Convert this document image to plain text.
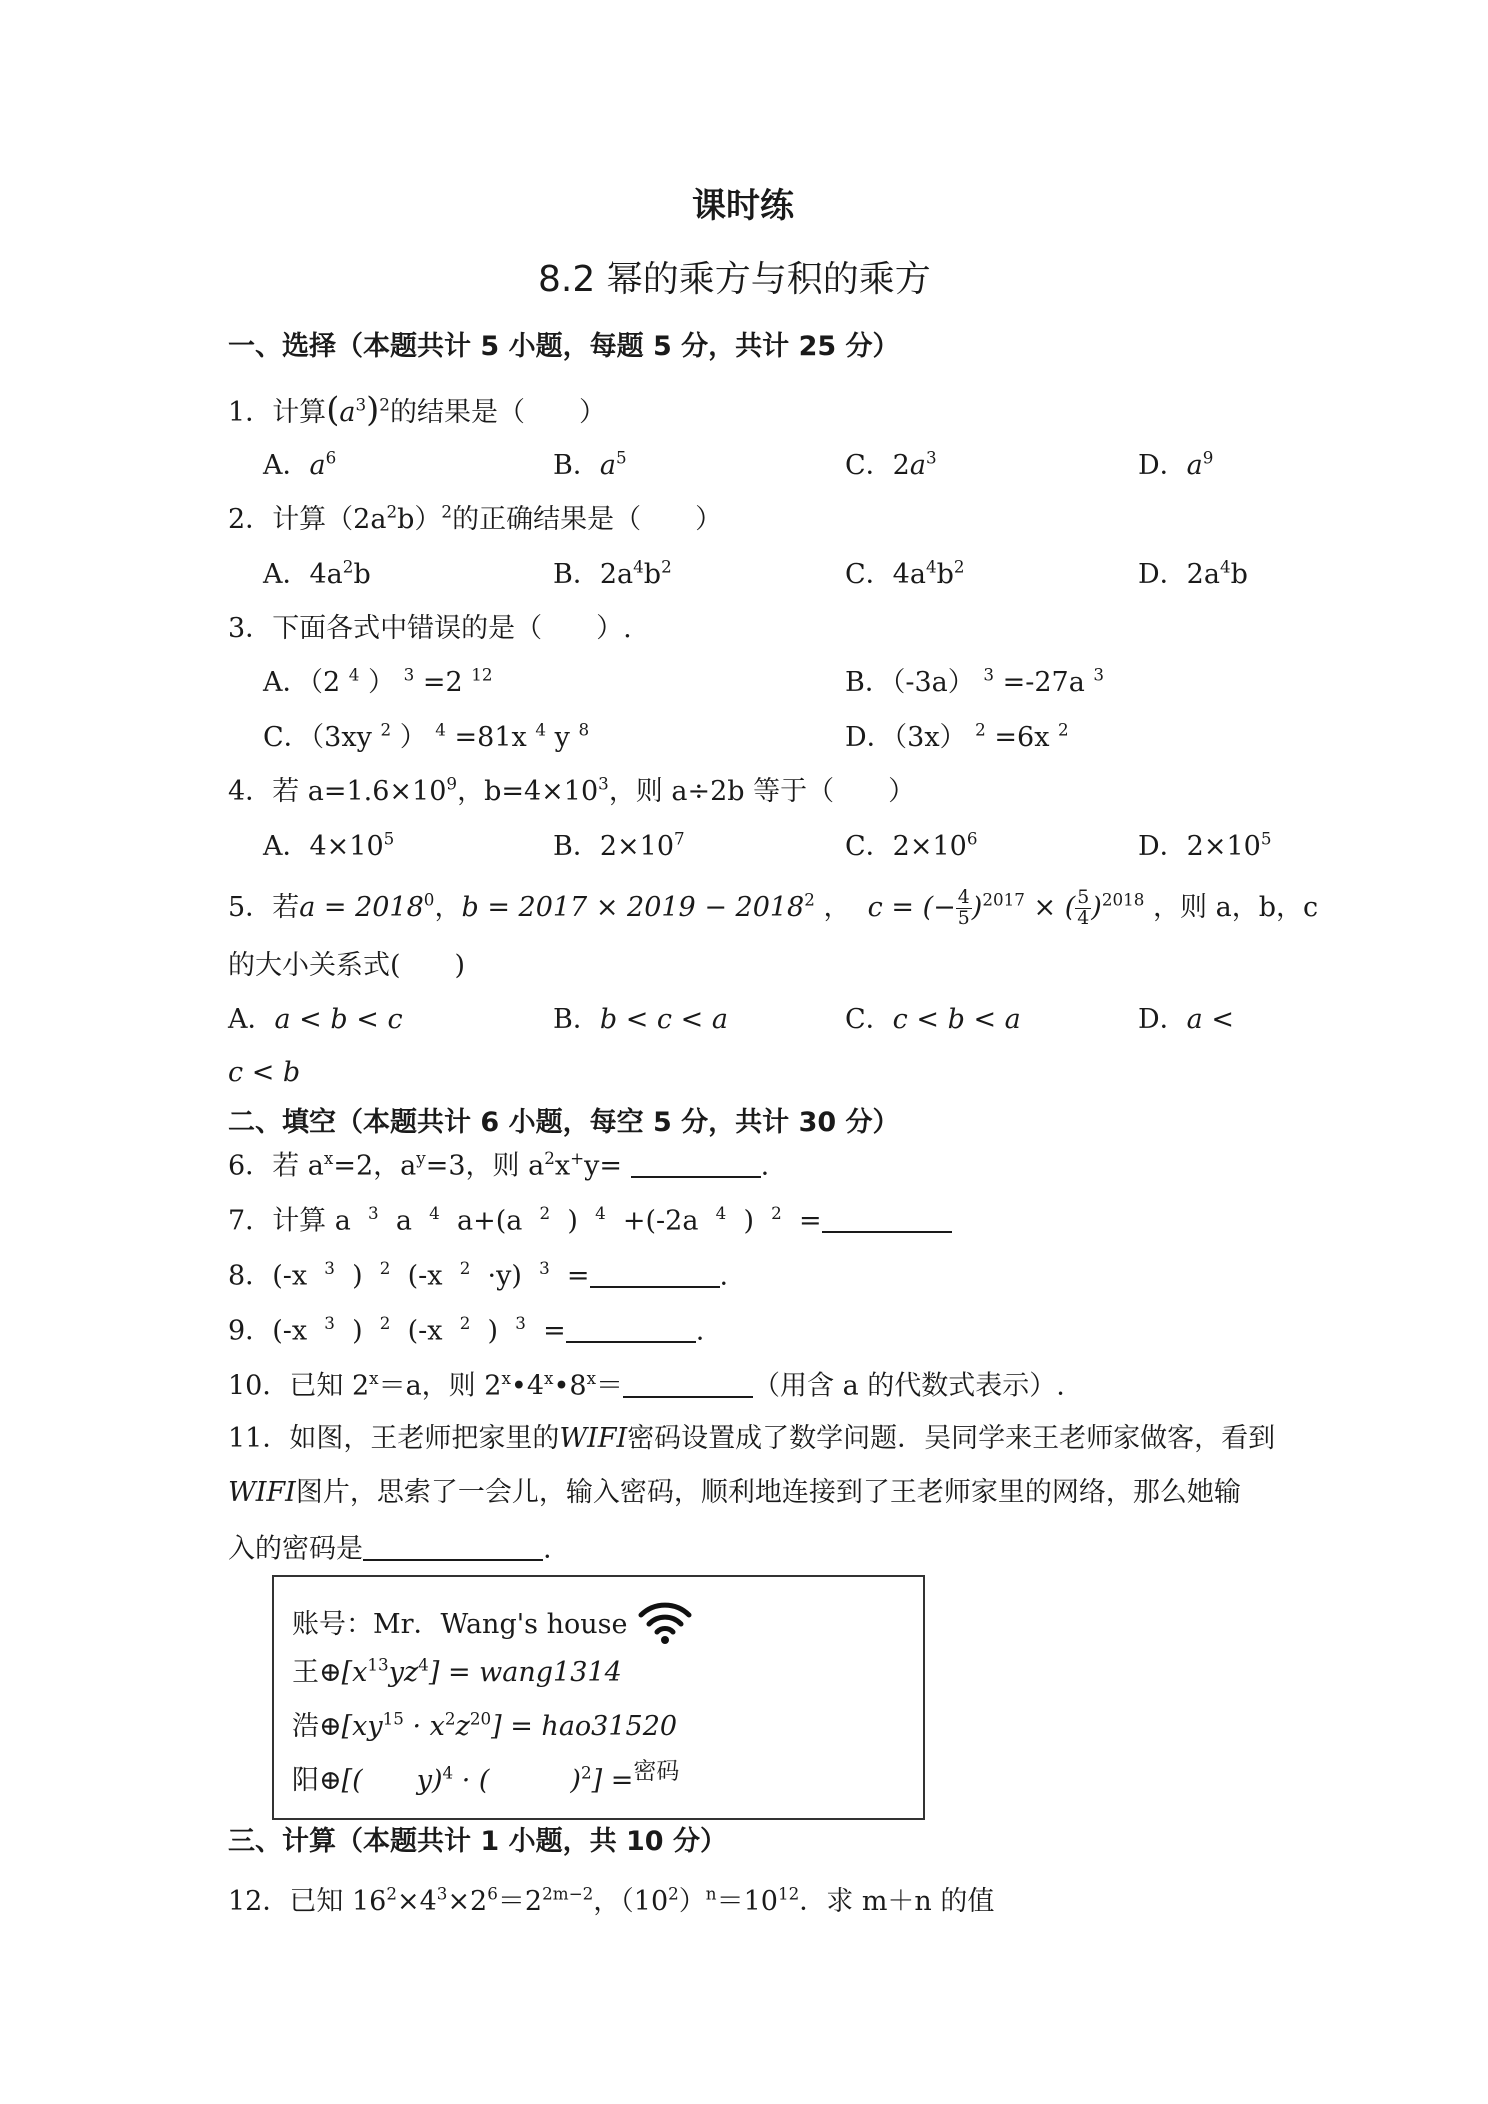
课时练
8.2 幂的乘方与积的乘方
一、选择（本题共计 5 小题，每题 5 分，共计 25 分）
1．计算$(a^3)^2$的结果是（　　）
A．$a^6$	B．$a^5$	C．$2a^3$	D．$a^9$
2．计算$(2a^2b)^2$的正确结果是（　　）
A．$4a^2b$	B．$2a^4b^2$	C．$4a^4b^2$	D．$2a^4b$
3．下面各式中错误的是（　　）.
A．（2 $^4$ ） $^3$ =2 $^{12}$	B．（-3a） $^3$ =-27a $^3$
C．（3xy $^2$ ） $^4$ =81x $^4$ y $^8$	D．（3x） $^2$ =6x $^2$
4．若 $a=1.6\times 10^9$，$b=4\times 10^3$，则 a÷2b 等于（　　）
A．$4\times 10^5$	B．$2\times 10^7$	C．$2\times 10^6$	D．$2\times 10^5$
5．若$a = 2018^0$，$b = 2017 \times 2019 - 2018^2$ ， c = (− $\frac{4}{5} )^{2017}$ × ( $\frac{5}{4} )^{2018}$ ，则 a，b，c
的大小关系式(　　)
A．a < b < c	B．b < c < a	C．c < b < a	D．a <
c < b
二、填空（本题共计 6 小题，每空 5 分，共计 30 分）
6．若 $a^x=2$，$a^y=3$，则 $a^2x^+y=$	.
7．计算 a $^3$ a $^4$ a+(a $^2$ ) $^4$ +(-2a $^4$ ) $^2$ =
8．(-x $^3$ ) $^2$ (-x $^2$ ·y) $^3$ =	.
9．(-x $^3$ ) $^2$ (-x $^2$ ) $^3$ =	.
10．已知 $2^x=a$，则 $2^x•4^x•8^x=$	（用含 a 的代数式表示）.
11．如图，王老师把家里的WIFI密码设置成了数学问题．吴同学来王老师家做客，看到
WIFI图片，思索了一会儿，输入密码，顺利地连接到了王老师家里的网络，那么她输
入的密码是	.
账号：Mr．Wang's house
王$\oplus[x^{13}yz^4]$ = wang1314
浩$\oplus[xy^{15} \cdot x^2z^{20}] = hao31520$
阳⊕[(　　y)$^4$ · (　　　)$^2$] =$^{密码}$
三、计算（本题共计 1 小题，共 10 分）
12．已知 $16^2\times 4^3\times 2^6=2^{2m-2}$，$(10^2)^n=10^{12}$．求 m＋n 的值
